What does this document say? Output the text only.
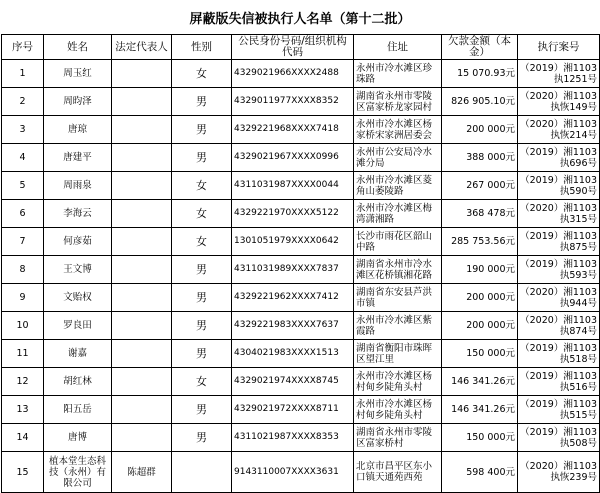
屏蔽版失信被执行人名单（第十二批）
序号	姓名	法定代表人	性别	公民身份号码/组织机构代码	住址	欠款金额（本金）	执行案号
1	周玉红		女	4329021966XXXX2488	永州市冷水滩区珍珠路	15 070.93元	（2019）湘1103执1251号
2	周昀泽		男	4329011977XXXX8352	湖南省永州市零陵区富家桥龙家园村	826 905.10元	（2020）湘1103执恢149号
3	唐琼		男	4329221968XXXX7418	永州市冷水滩区杨家桥宋家洲居委会	200 000元	（2020）湘1103执恢214号
4	唐建平		男	4329021967XXXX0996	永州市公安局冷水滩分局	388 000元	（2019）湘1103执696号
5	周雨泉		女	4311031987XXXX0044	永州市冷水滩区菱角山萎陵路	267 000元	（2019）湘1103执590号
6	李海云		女	4329221970XXXX5122	永州市冷水滩区梅湾潇湘路	368 478元	（2020）湘1103执315号
7	何彦茹		女	1301051979XXXX0642	长沙市雨花区韶山中路	285 753.56元	（2019）湘1103执875号
8	王文博		男	4311031989XXXX7837	湖南省永州市冷水滩区花桥镇湘花路	190 000元	（2019）湘1103执593号
9	文贻权		男	4329221962XXXX7412	湖南省东安县芦洪市镇	200 000元	（2020）湘1103执944号
10	罗良田		男	4329221983XXXX7637	永州市冷水滩区紫霞路	200 000元	（2020）湘1103执874号
11	谢嘉		男	4304021983XXXX1513	湖南省衡阳市珠晖区望江里	150 000元	（2019）湘1103执518号
12	胡红林		女	4329021974XXXX8745	永州市冷水滩区杨村甸乡陡角头村	146 341.26元	（2019）湘1103执516号
13	阳五岳		男	4329021972XXXX8711	永州市冷水滩区杨村甸乡陡角头村	146 341.26元	（2019）湘1103执515号
14	唐博		男	4311021987XXXX8353	湖南省永州市零陵区富家桥村	150 000元	（2019）湘1103执508号
15	植本堂生态科技（永州）有限公司	陈超群		9143110007XXXX3631	北京市昌平区东小口镇天通苑西苑	598 400元	（2020）湘1103执恢239号
